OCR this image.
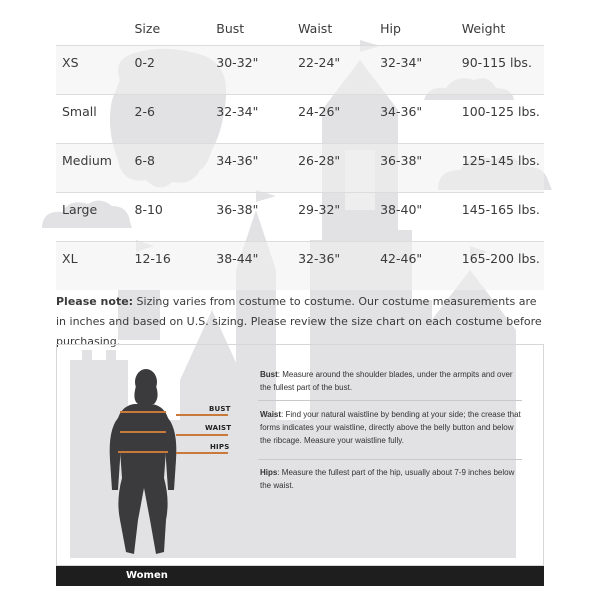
	Size	Bust	Waist	Hip	Weight
XS	0-2	30-32"	22-24"	32-34"	90-115 lbs.
Small	2-6	32-34"	24-26"	34-36"	100-125 lbs.
Medium	6-8	34-36"	26-28"	36-38"	125-145 lbs.
Large	8-10	36-38"	29-32"	38-40"	145-165 lbs.
XL	12-16	38-44"	32-36"	42-46"	165-200 lbs.
Please note: Sizing varies from costume to costume. Our costume measurements are in inches and based on U.S. sizing. Please review the size chart on each costume before purchasing.
BUST
WAIST
HIPS
Bust: Measure around the shoulder blades, under the armpits and over the fullest part of the bust.
Waist: Find your natural waistline by bending at your side; the crease that forms indicates your waistline, directly above the belly button and below the ribcage. Measure your waistline fully.
Hips: Measure the fullest part of the hip, usually about 7-9 inches below the waist.
Women
